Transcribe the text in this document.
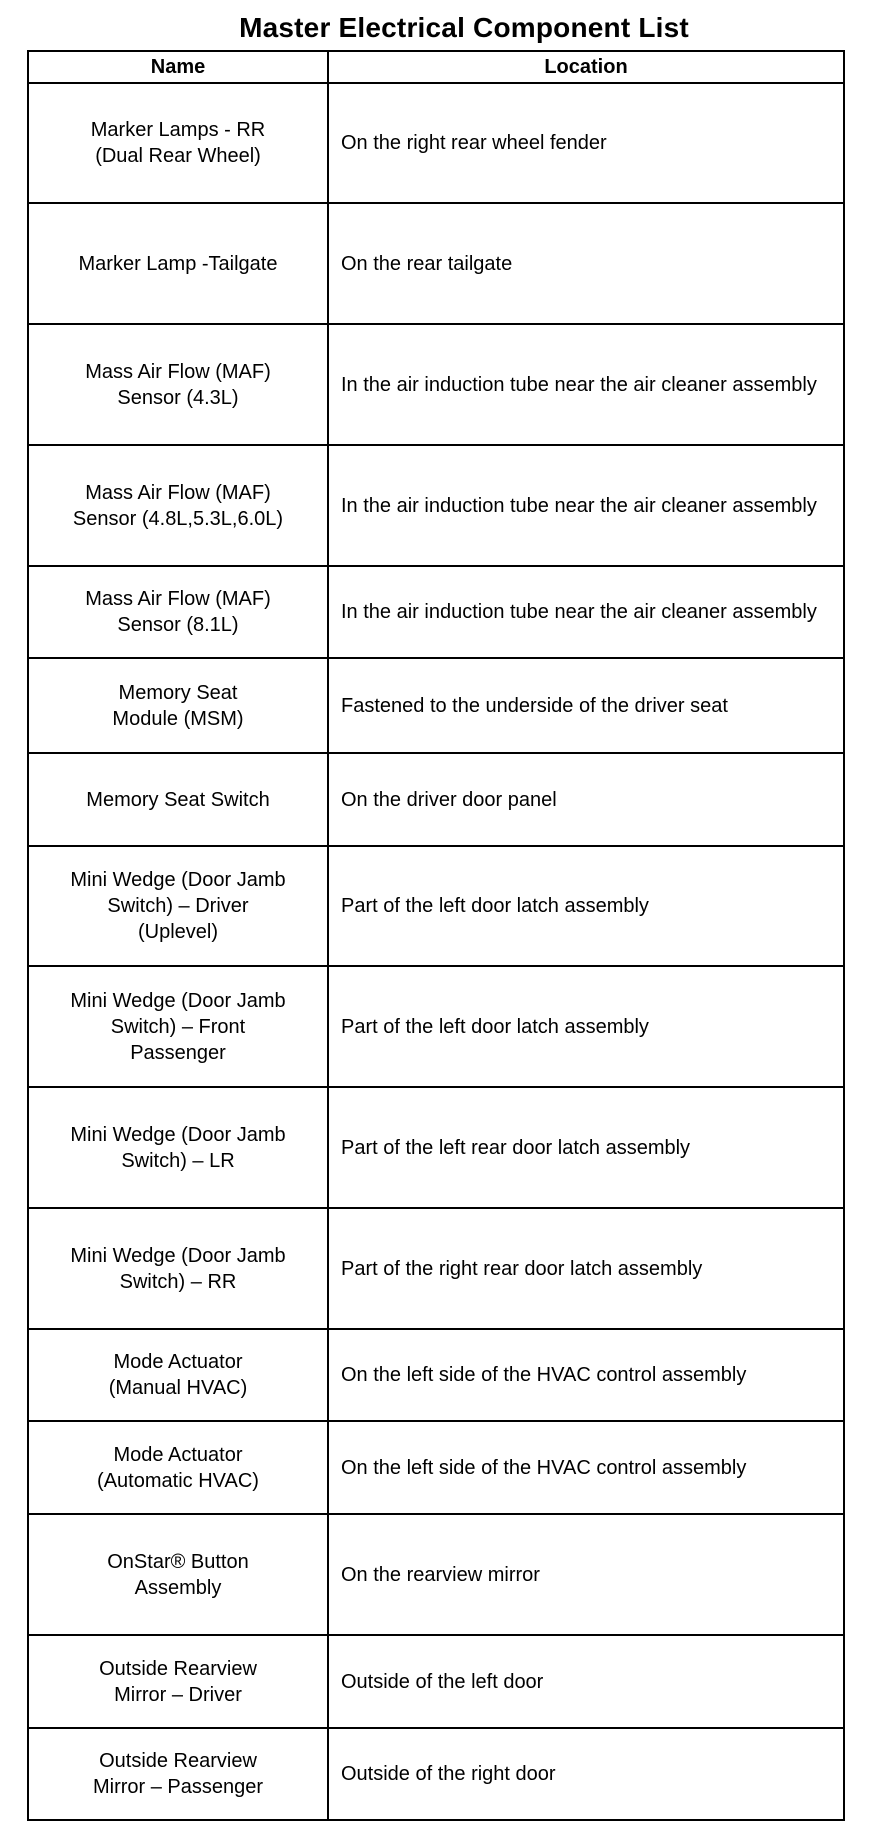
Master Electrical Component List
Name	Location
Marker Lamps - RR
(Dual Rear Wheel)	On the right rear wheel fender
Marker Lamp -Tailgate	On the rear tailgate
Mass Air Flow (MAF)
Sensor (4.3L)	In the air induction tube near the air cleaner assembly
Mass Air Flow (MAF)
Sensor (4.8L,5.3L,6.0L)	In the air induction tube near the air cleaner assembly
Mass Air Flow (MAF)
Sensor (8.1L)	In the air induction tube near the air cleaner assembly
Memory Seat
Module (MSM)	Fastened to the underside of the driver seat
Memory Seat Switch	On the driver door panel
Mini Wedge (Door Jamb
Switch) – Driver
(Uplevel)	Part of the left door latch assembly
Mini Wedge (Door Jamb
Switch) – Front
Passenger	Part of the left door latch assembly
Mini Wedge (Door Jamb
Switch) – LR	Part of the left rear door latch assembly
Mini Wedge (Door Jamb
Switch) – RR	Part of the right rear door latch assembly
Mode Actuator
(Manual HVAC)	On the left side of the HVAC control assembly
Mode Actuator
(Automatic HVAC)	On the left side of the HVAC control assembly
OnStar® Button
Assembly	On the rearview mirror
Outside Rearview
Mirror – Driver	Outside of the left door
Outside Rearview
Mirror – Passenger	Outside of the right door
